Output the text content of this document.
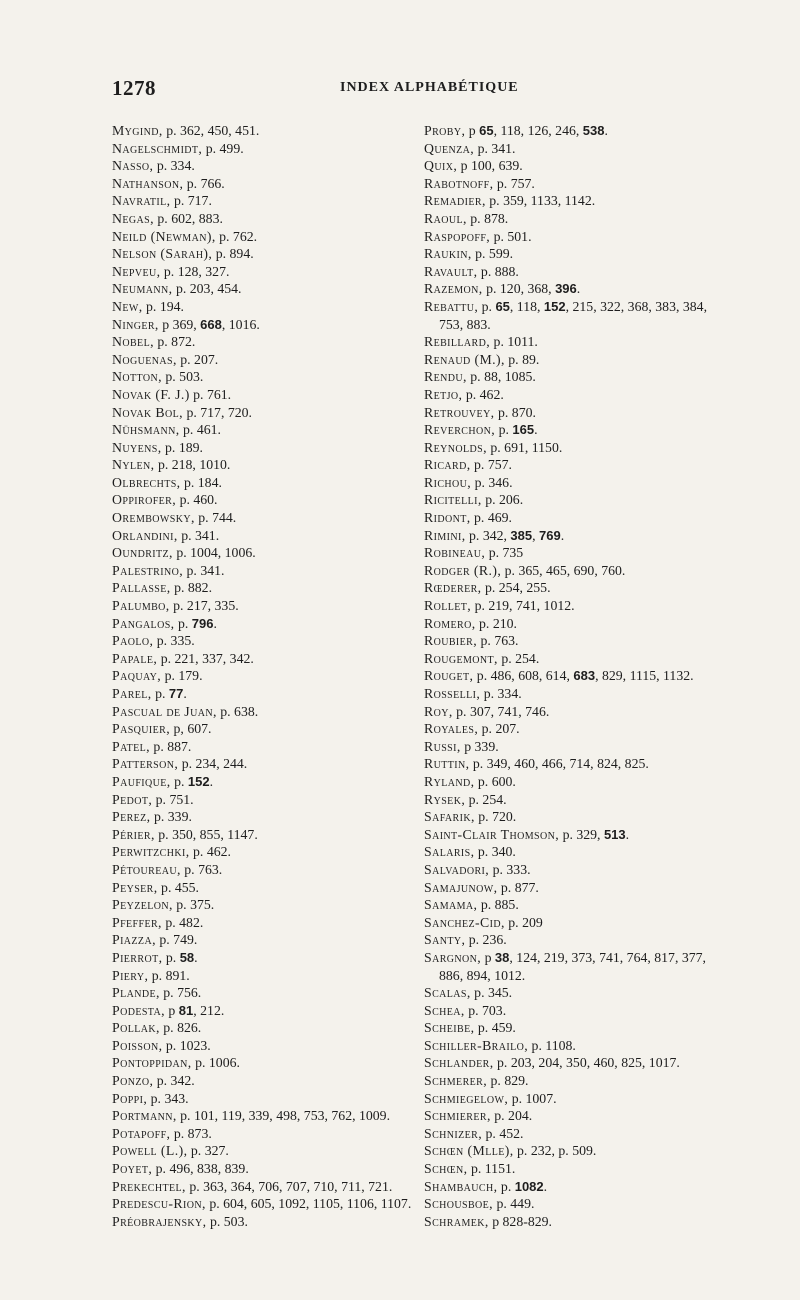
1278	INDEX ALPHABÉTIQUE

Mygind, p. 362, 450, 451.

Nagelschmidt, p. 499.

Nasso, p. 334.

Nathanson, p. 766.

Navratil, p. 717.

Negas, p. 602, 883.

Neild (Newman), p. 762.

Nelson (Sarah), p. 894.

Nepveu, p. 128, 327.

Neumann, p. 203, 454.

New, p. 194.

Ninger, p 369, 668, 1016.

Nobel, p. 872.

Noguenas, p. 207.

Notton, p. 503.

Novak (F. J.) p. 761.

Novak Bol, p. 717, 720.

Nühsmann, p. 461.

Nuyens, p. 189.

Nylen, p. 218, 1010.

Olbrechts, p. 184.

Oppirofer, p. 460.

Orembowsky, p. 744.

Orlandini, p. 341.

Oundritz, p. 1004, 1006.

Palestrino, p. 341.

Pallasse, p. 882.

Palumbo, p. 217, 335.

Pangalos, p. 796.

Paolo, p. 335.

Papale, p. 221, 337, 342.

Paquay, p. 179.

Parel, p. 77.

Pascual de Juan, p. 638.

Pasquier, p, 607.

Patel, p. 887.

Patterson, p. 234, 244.

Paufique, p. 152.

Pedot, p. 751.

Perez, p. 339.

Périer, p. 350, 855, 1147.

Perwitzchki, p. 462.

Pétoureau, p. 763.

Peyser, p. 455.

Peyzelon, p. 375.

Pfeffer, p. 482.

Piazza, p. 749.

Pierrot, p. 58.

Piery, p. 891.

Plande, p. 756.

Podesta, p 81, 212.

Pollak, p. 826.

Poisson, p. 1023.

Pontoppidan, p. 1006.

Ponzo, p. 342.

Poppi, p. 343.

Portmann, p. 101, 119, 339, 498, 753, 762, 1009.

Potapoff, p. 873.

Powell (L.), p. 327.

Poyet, p. 496, 838, 839.

Prekechtel, p. 363, 364, 706, 707, 710, 711, 721.

Predescu-Rion, p. 604, 605, 1092, 1105, 1106, 1107.

Préobrajensky, p. 503.

Proby, p 65, 118, 126, 246, 538.

Quenza, p. 341.

Quix, p 100, 639.

Rabotnoff, p. 757.

Remadier, p. 359, 1133, 1142.

Raoul, p. 878.

Raspopoff, p. 501.

Raukin, p. 599.

Ravault, p. 888.

Razemon, p. 120, 368, 396.

Rebattu, p. 65, 118, 152, 215, 322, 368, 383, 384, 753, 883.

Rebillard, p. 1011.

Renaud (M.), p. 89.

Rendu, p. 88, 1085.

Retjo, p. 462.

Retrouvey, p. 870.

Reverchon, p. 165.

Reynolds, p. 691, 1150.

Ricard, p. 757.

Richou, p. 346.

Ricitelli, p. 206.

Ridont, p. 469.

Rimini, p. 342, 385, 769.

Robineau, p. 735

Rodger (R.), p. 365, 465, 690, 760.

Rœderer, p. 254, 255.

Rollet, p. 219, 741, 1012.

Romero, p. 210.

Roubier, p. 763.

Rougemont, p. 254.

Rouget, p. 486, 608, 614, 683, 829, 1115, 1132.

Rosselli, p. 334.

Roy, p. 307, 741, 746.

Royales, p. 207.

Russi, p 339.

Ruttin, p. 349, 460, 466, 714, 824, 825.

Ryland, p. 600.

Rysek, p. 254.

Safarik, p. 720.

Saint-Clair Thomson, p. 329, 513.

Salaris, p. 340.

Salvadori, p. 333.

Samajunow, p. 877.

Samama, p. 885.

Sanchez-Cid, p. 209

Santy, p. 236.

Sargnon, p 38, 124, 219, 373, 741, 764, 817, 377, 886, 894, 1012.

Scalas, p. 345.

Schea, p. 703.

Scheibe, p. 459.

Schiller-Brailo, p. 1108.

Schlander, p. 203, 204, 350, 460, 825, 1017.

Schmerer, p. 829.

Schmiegelow, p. 1007.

Schmierer, p. 204.

Schnizer, p. 452.

Schœn (Mlle), p. 232, p. 509.

Schœn, p. 1151.

Shambauch, p. 1082.

Schousboe, p. 449.

Schramek, p 828-829.
